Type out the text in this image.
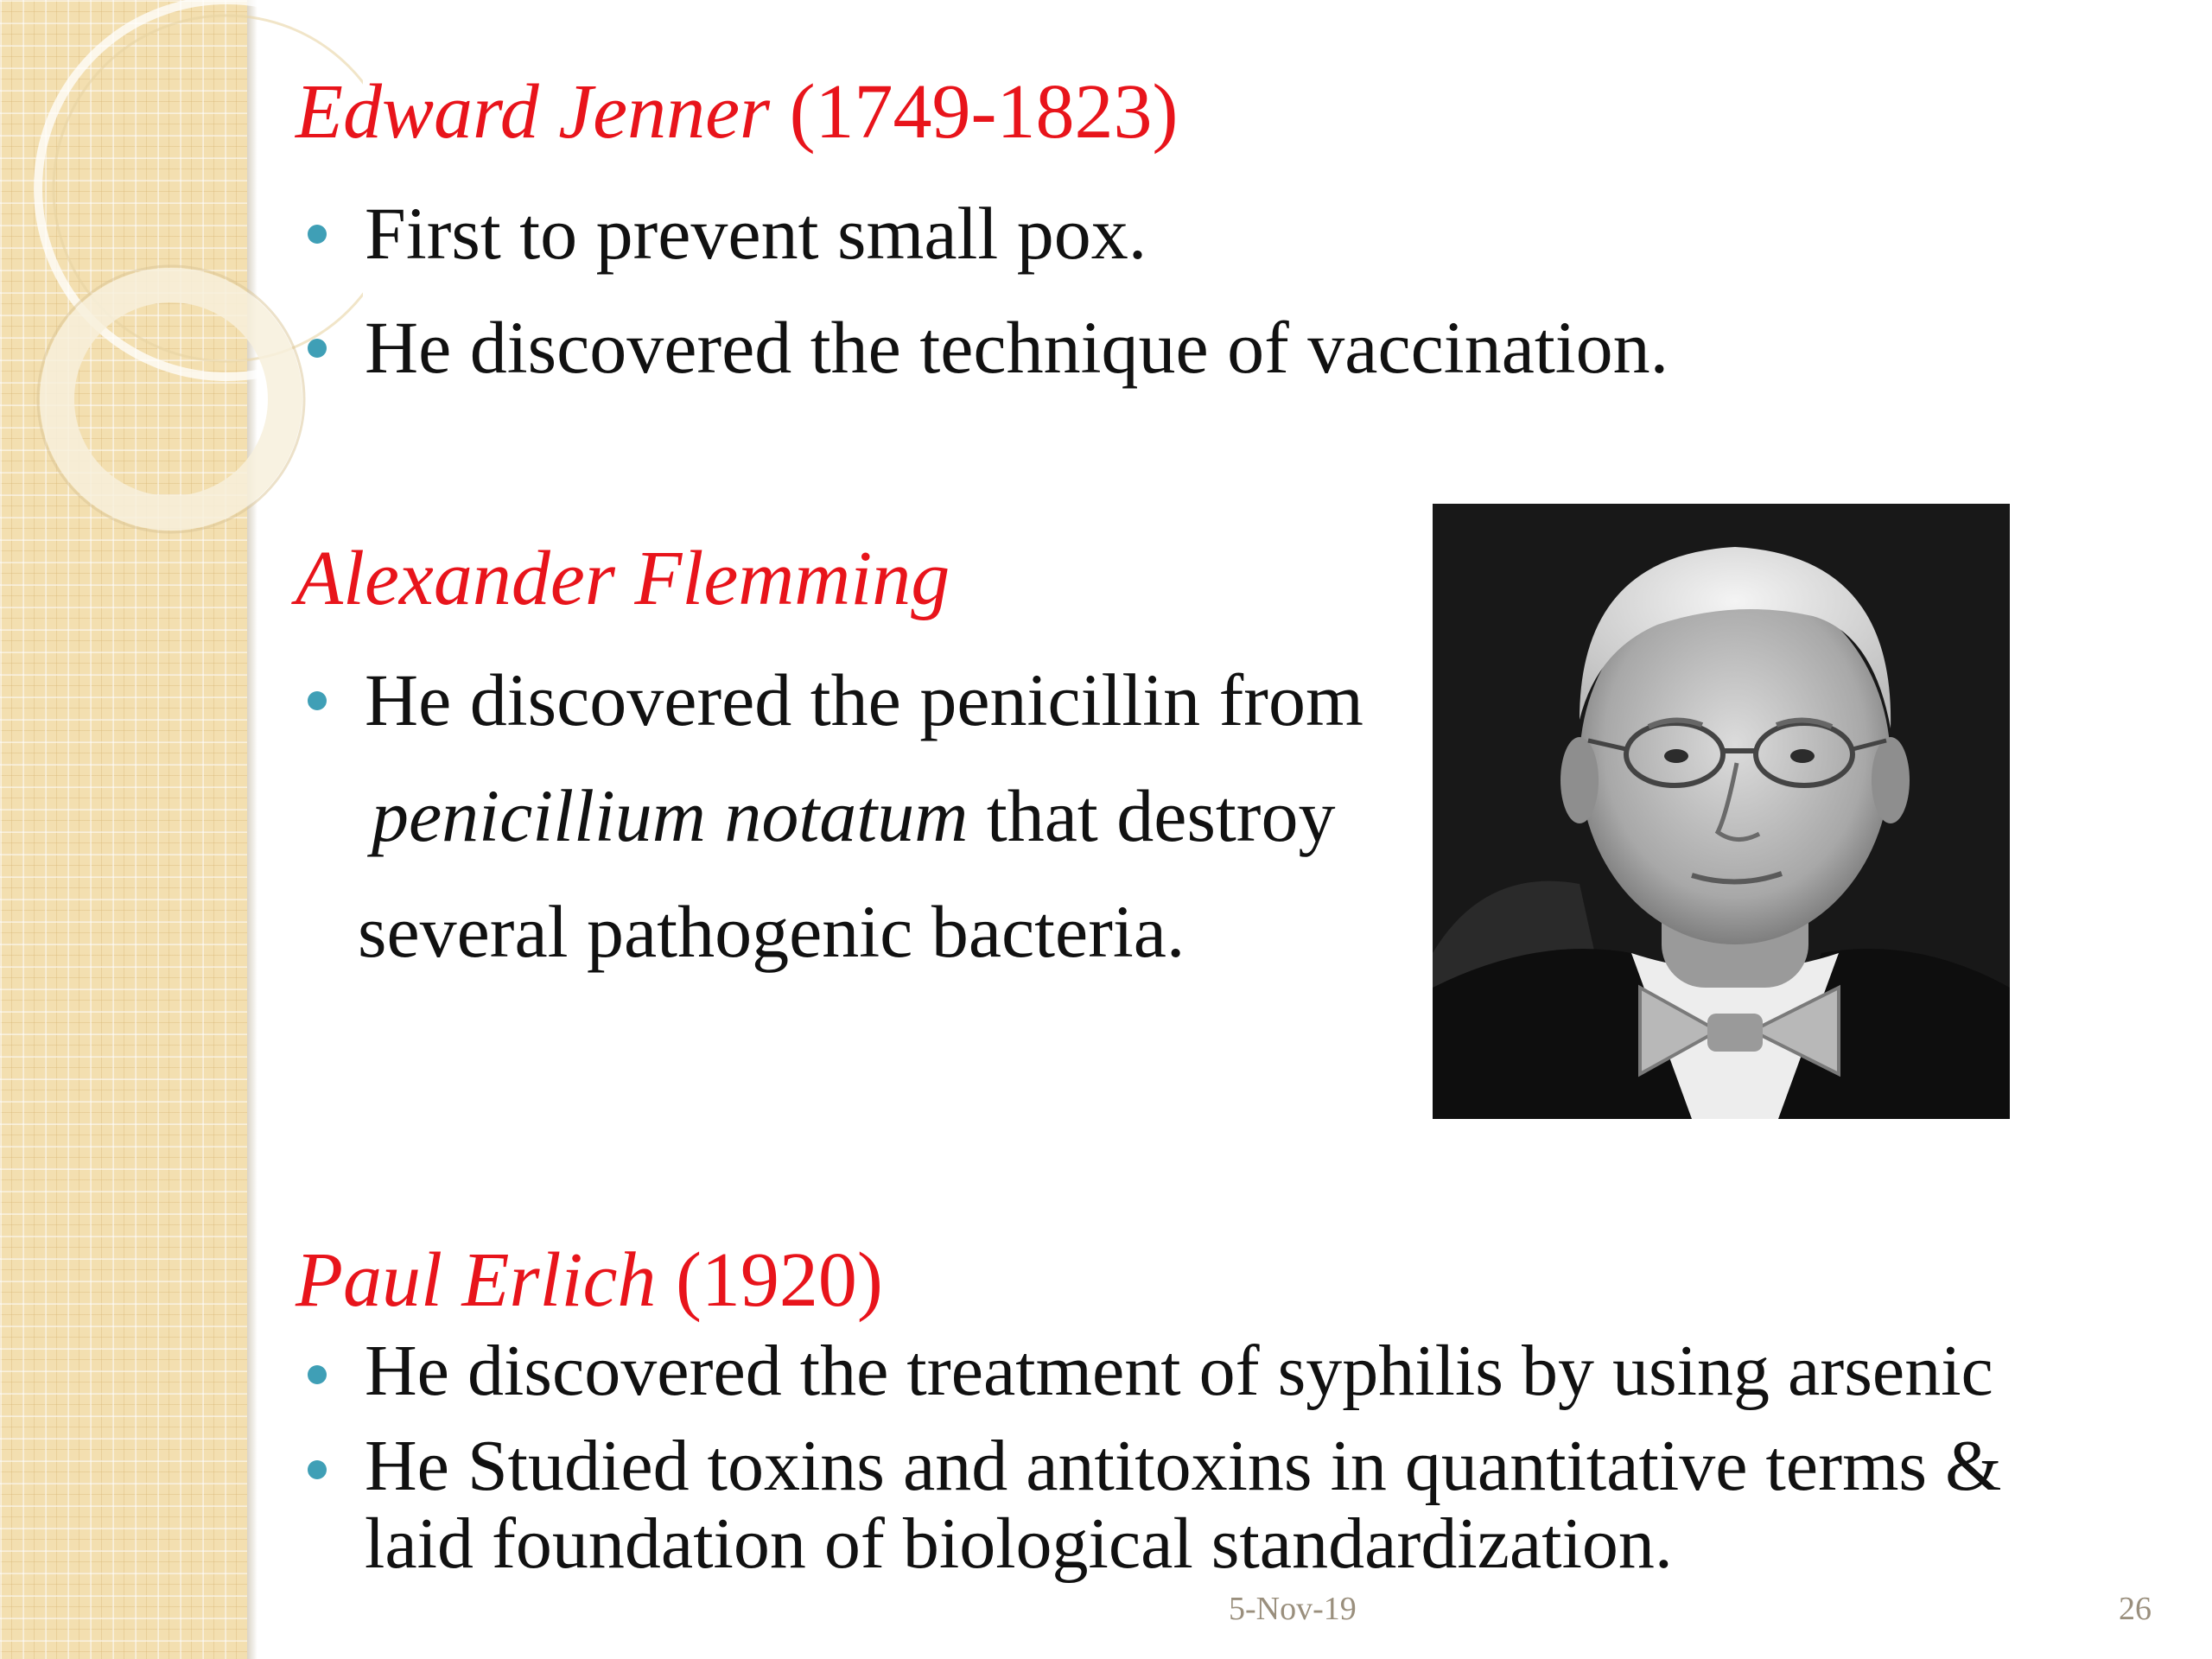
Edward Jenner (1749-1823)
First to prevent small pox.
He discovered the technique of vaccination.
Alexander Flemming
He discovered the penicillin from
penicillium notatum that destroy
several pathogenic bacteria.
Paul Erlich (1920)
He discovered the treatment of syphilis by using arsenic
He Studied toxins and antitoxins in quantitative terms &
laid foundation of biological standardization.
5-Nov-19	26
